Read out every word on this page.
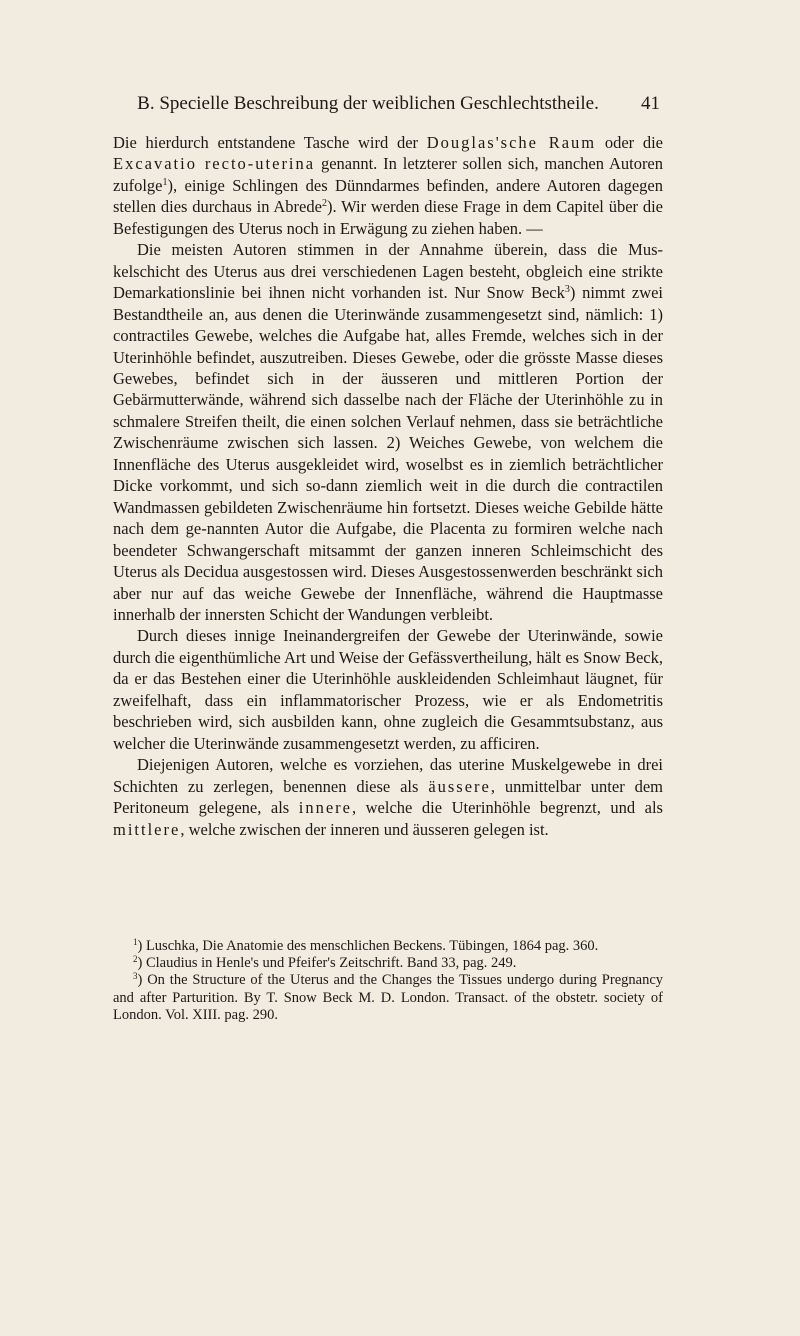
B. Specielle Beschreibung der weiblichen Geschlechtstheile.	41

Die hierdurch entstandene Tasche wird der Douglas'sche Raum oder die Excavatio recto-uterina genannt. In letzterer sollen sich, manchen Autoren zufolge$^1$), einige Schlingen des Dünndarmes befinden, andere Autoren dagegen stellen dies durchaus in Abrede$^2$). Wir werden diese Frage in dem Capitel über die Befestigungen des Uterus noch in Erwägung zu ziehen haben. —

Die meisten Autoren stimmen in der Annahme überein, dass die Mus-kelschicht des Uterus aus drei verschiedenen Lagen besteht, obgleich eine strikte Demarkationslinie bei ihnen nicht vorhanden ist. Nur Snow Beck$^3$) nimmt zwei Bestandtheile an, aus denen die Uterinwände zusammengesetzt sind, nämlich: 1) contractiles Gewebe, welches die Aufgabe hat, alles Fremde, welches sich in der Uterinhöhle befindet, auszutreiben. Dieses Gewebe, oder die grösste Masse dieses Gewebes, befindet sich in der äusseren und mittleren Portion der Gebärmutterwände, während sich dasselbe nach der Fläche der Uterinhöhle zu in schmalere Streifen theilt, die einen solchen Verlauf nehmen, dass sie beträchtliche Zwischenräume zwischen sich lassen. 2) Weiches Gewebe, von welchem die Innenfläche des Uterus ausgekleidet wird, woselbst es in ziemlich beträchtlicher Dicke vorkommt, und sich so-dann ziemlich weit in die durch die contractilen Wandmassen gebildeten Zwischenräume hin fortsetzt. Dieses weiche Gebilde hätte nach dem ge-nannten Autor die Aufgabe, die Placenta zu formiren welche nach beendeter Schwangerschaft mitsammt der ganzen inneren Schleimschicht des Uterus als Decidua ausgestossen wird. Dieses Ausgestossenwerden beschränkt sich aber nur auf das weiche Gewebe der Innenfläche, während die Hauptmasse innerhalb der innersten Schicht der Wandungen verbleibt.

Durch dieses innige Ineinandergreifen der Gewebe der Uterinwände, sowie durch die eigenthümliche Art und Weise der Gefässvertheilung, hält es Snow Beck, da er das Bestehen einer die Uterinhöhle auskleidenden Schleimhaut läugnet, für zweifelhaft, dass ein inflammatorischer Prozess, wie er als Endometritis beschrieben wird, sich ausbilden kann, ohne zugleich die Gesammtsubstanz, aus welcher die Uterinwände zusammengesetzt werden, zu afficiren.

Diejenigen Autoren, welche es vorziehen, das uterine Muskelgewebe in drei Schichten zu zerlegen, benennen diese als äussere, unmittelbar unter dem Peritoneum gelegene, als innere, welche die Uterinhöhle begrenzt, und als mittlere, welche zwischen der inneren und äusseren gelegen ist.

$^1$) Luschka, Die Anatomie des menschlichen Beckens. Tübingen, 1864 pag. 360.
$^2$) Claudius in Henle's und Pfeifer's Zeitschrift. Band 33, pag. 249.
$^3$) On the Structure of the Uterus and the Changes the Tissues undergo during Pregnancy and after Parturition. By T. Snow Beck M. D. London. Transact. of the obstetr. society of London. Vol. XIII. pag. 290.
